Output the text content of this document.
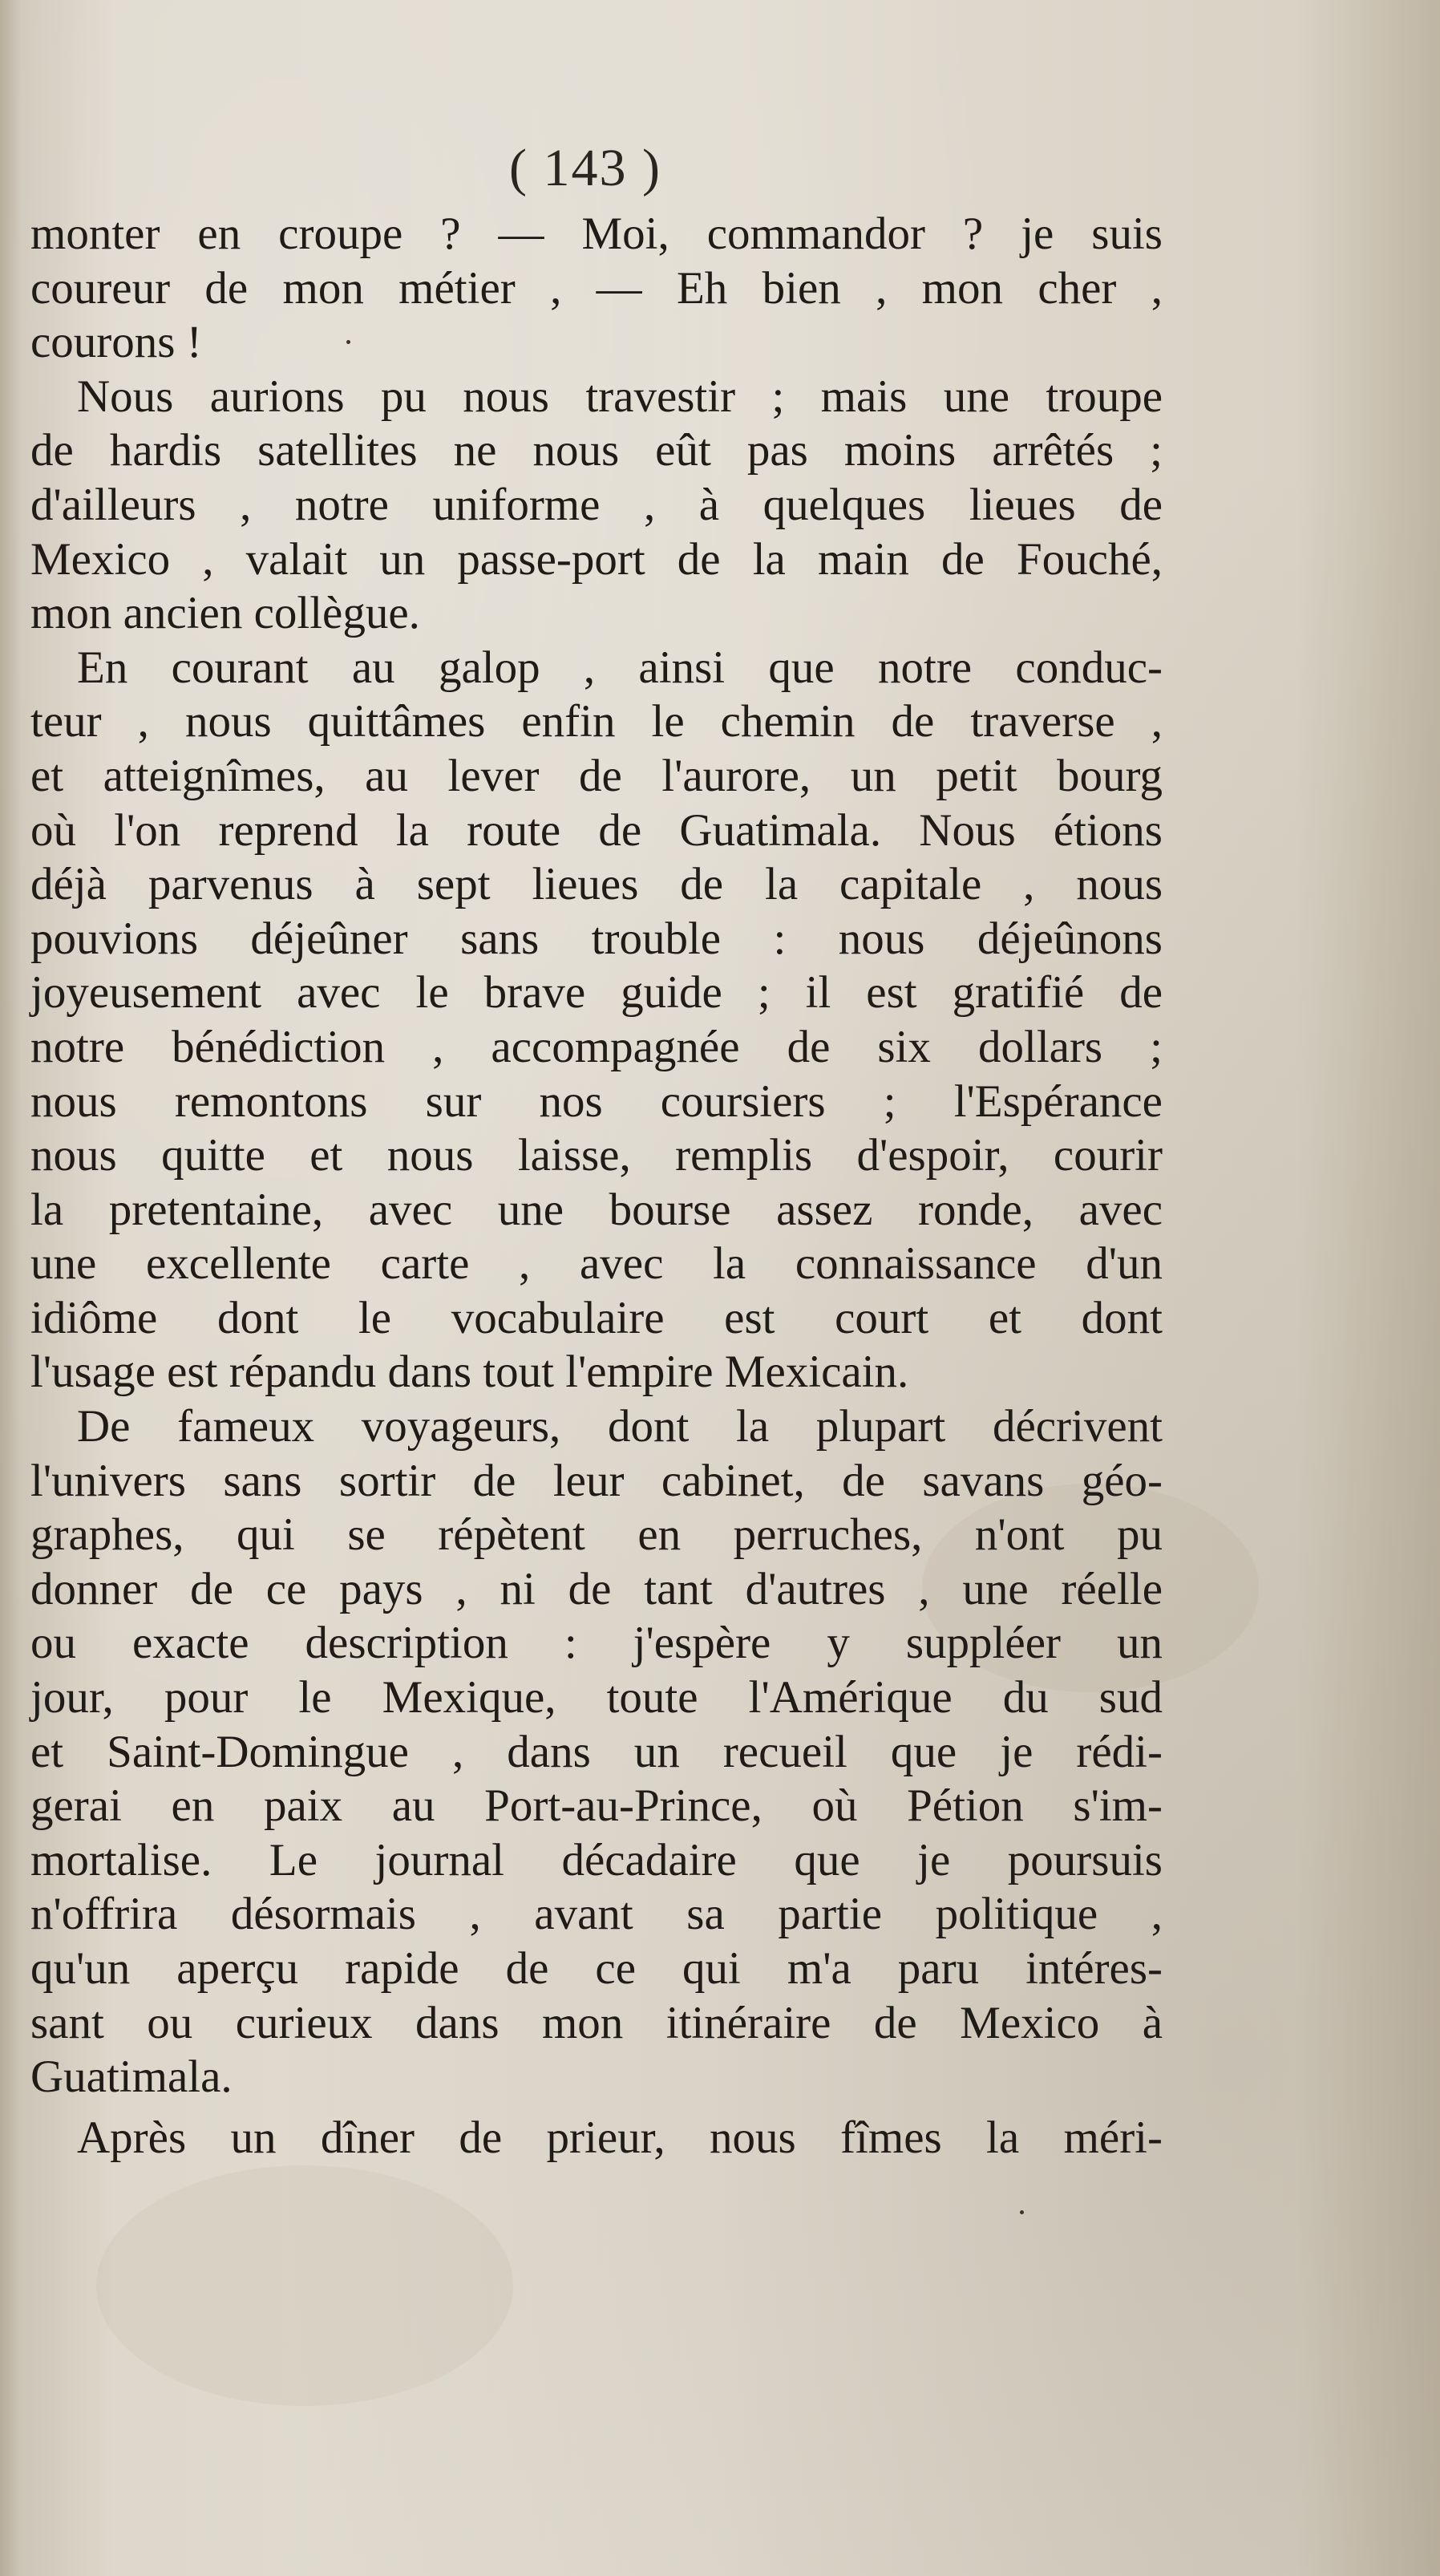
( 143 )
monter en croupe ? — Moi, commandor ? je suis
coureur de mon métier , — Eh bien , mon cher ,
courons !
Nous aurions pu nous travestir ; mais une troupe
de hardis satellites ne nous eût pas moins arrêtés ;
d'ailleurs , notre uniforme , à quelques lieues de
Mexico , valait un passe-port de la main de Fouché,
mon ancien collègue.
En courant au galop , ainsi que notre conduc-
teur , nous quittâmes enfin le chemin de traverse ,
et atteignîmes, au lever de l'aurore, un petit bourg
où l'on reprend la route de Guatimala. Nous étions
déjà parvenus à sept lieues de la capitale , nous
pouvions déjeûner sans trouble : nous déjeûnons
joyeusement avec le brave guide ; il est gratifié de
notre bénédiction , accompagnée de six dollars ;
nous remontons sur nos coursiers ; l'Espérance
nous quitte et nous laisse, remplis d'espoir, courir
la pretentaine, avec une bourse assez ronde, avec
une excellente carte , avec la connaissance d'un
idiôme dont le vocabulaire est court et dont
l'usage est répandu dans tout l'empire Mexicain.
De fameux voyageurs, dont la plupart décrivent
l'univers sans sortir de leur cabinet, de savans géo-
graphes, qui se répètent en perruches, n'ont pu
donner de ce pays , ni de tant d'autres , une réelle
ou exacte description : j'espère y suppléer un
jour, pour le Mexique, toute l'Amérique du sud
et Saint-Domingue , dans un recueil que je rédi-
gerai en paix au Port-au-Prince, où Pétion s'im-
mortalise. Le journal décadaire que je poursuis
n'offrira désormais , avant sa partie politique ,
qu'un aperçu rapide de ce qui m'a paru intéres-
sant ou curieux dans mon itinéraire de Mexico à
Guatimala.
Après un dîner de prieur, nous fîmes la méri-
